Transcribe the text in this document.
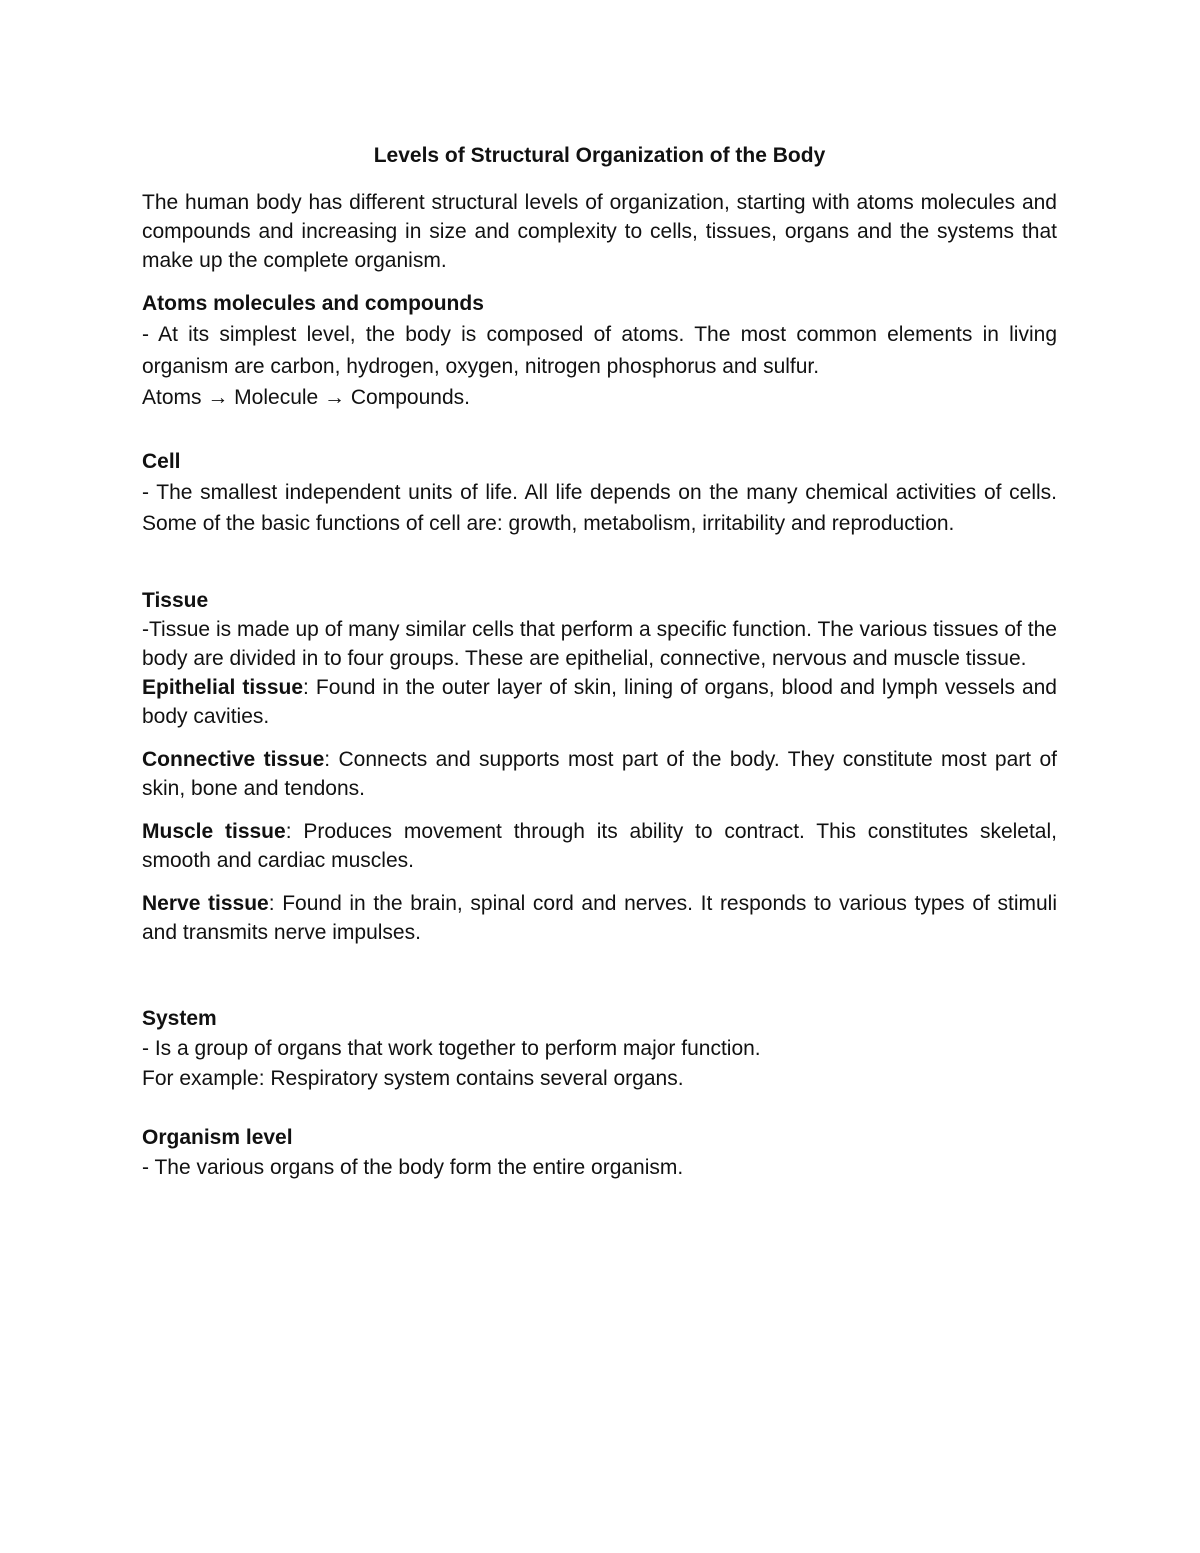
Levels of Structural Organization of the Body

The human body has different structural levels of organization, starting with atoms molecules and compounds and increasing in size and complexity to cells, tissues, organs and the systems that make up the complete organism.

Atoms molecules and compounds

- At its simplest level, the body is composed of atoms. The most common elements in living organism are carbon, hydrogen, oxygen, nitrogen phosphorus and sulfur.

Atoms → Molecule → Compounds.

Cell

- The smallest independent units of life. All life depends on the many chemical activities of cells. Some of the basic functions of cell are: growth, metabolism, irritability and reproduction.

Tissue

-Tissue is made up of many similar cells that perform a specific function. The various tissues of the body are divided in to four groups. These are epithelial, connective, nervous and muscle tissue.

Epithelial tissue: Found in the outer layer of skin, lining of organs, blood and lymph vessels and body cavities.

Connective tissue: Connects and supports most part of the body. They constitute most part of skin, bone and tendons.

Muscle tissue: Produces movement through its ability to contract. This constitutes skeletal, smooth and cardiac muscles.

Nerve tissue: Found in the brain, spinal cord and nerves. It responds to various types of stimuli and transmits nerve impulses.

System

- Is a group of organs that work together to perform major function.

For example: Respiratory system contains several organs.

Organism level

- The various organs of the body form the entire organism.
